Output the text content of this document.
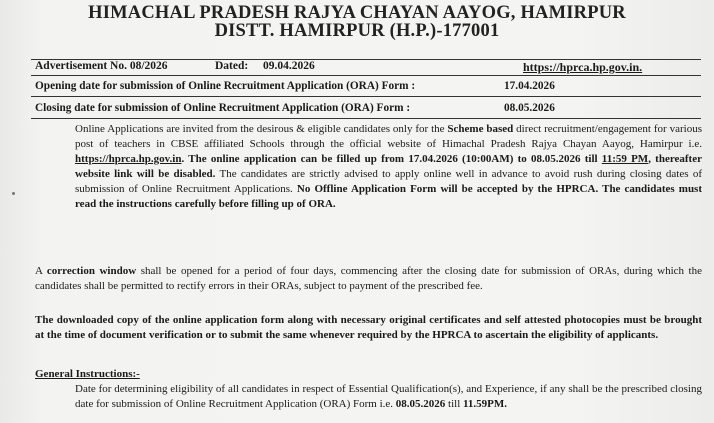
HIMACHAL PRADESH RAJYA CHAYAN AAYOG, HAMIRPUR
DISTT. HAMIRPUR (H.P.)-177001
Advertisement No. 08/2026	Dated: 09.04.2026	https://hprca.hp.gov.in.
Opening date for submission of Online Recruitment Application (ORA) Form :	17.04.2026
Closing date for submission of Online Recruitment Application (ORA) Form :	08.05.2026

Online Applications are invited from the desirous & eligible candidates only for the Scheme based direct recruitment/engagement for various post of teachers in CBSE affiliated Schools through the official website of Himachal Pradesh Rajya Chayan Aayog, Hamirpur i.e. https://hprca.hp.gov.in. The online application can be filled up from 17.04.2026 (10:00AM) to 08.05.2026 till 11:59 PM, thereafter website link will be disabled. The candidates are strictly advised to apply online well in advance to avoid rush during closing dates of submission of Online Recruitment Applications. No Offline Application Form will be accepted by the HPRCA. The candidates must read the instructions carefully before filling up of ORA.

A correction window shall be opened for a period of four days, commencing after the closing date for submission of ORAs, during which the candidates shall be permitted to rectify errors in their ORAs, subject to payment of the prescribed fee.

The downloaded copy of the online application form along with necessary original certificates and self attested photocopies must be brought at the time of document verification or to submit the same whenever required by the HPRCA to ascertain the eligibility of applicants.

General Instructions:-

Date for determining eligibility of all candidates in respect of Essential Qualification(s), and Experience, if any shall be the prescribed closing date for submission of Online Recruitment Application (ORA) Form i.e. 08.05.2026 till 11.59PM.
